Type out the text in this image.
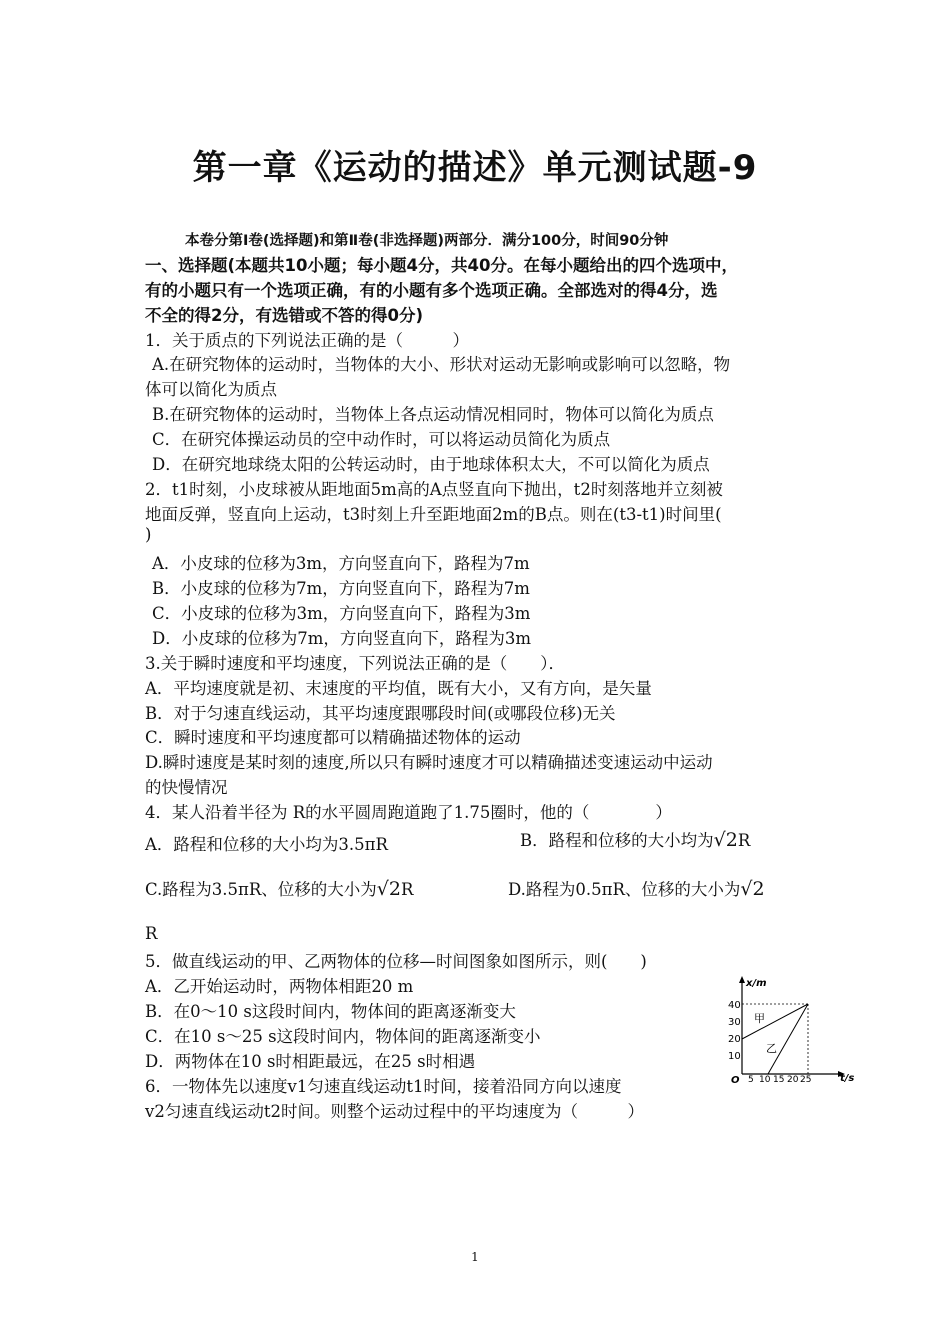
第一章《运动的描述》单元测试题-9
本卷分第Ⅰ卷(选择题)和第Ⅱ卷(非选择题)两部分．满分100分，时间90分钟
一、选择题(本题共10小题；每小题4分，共40分。在每小题给出的四个选项中，
有的小题只有一个选项正确，有的小题有多个选项正确。全部选对的得4分，选
不全的得2分，有选错或不答的得0分)
1．关于质点的下列说法正确的是（　　　）
A.在研究物体的运动时，当物体的大小、形状对运动无影响或影响可以忽略，物
体可以简化为质点
B.在研究物体的运动时，当物体上各点运动情况相同时，物体可以简化为质点
C．在研究体操运动员的空中动作时，可以将运动员简化为质点
D．在研究地球绕太阳的公转运动时，由于地球体积太大，不可以简化为质点
2．t1时刻，小皮球被从距地面5m高的A点竖直向下抛出，t2时刻落地并立刻被
地面反弹，竖直向上运动，t3时刻上升至距地面2m的B点。则在(t3-t1)时间里(
)
A．小皮球的位移为3m，方向竖直向下，路程为7m
B．小皮球的位移为7m，方向竖直向下，路程为7m
C．小皮球的位移为3m，方向竖直向下，路程为3m
D．小皮球的位移为7m，方向竖直向下，路程为3m
3.关于瞬时速度和平均速度，下列说法正确的是（　　）．
A．平均速度就是初、末速度的平均值，既有大小，又有方向，是矢量
B．对于匀速直线运动，其平均速度跟哪段时间(或哪段位移)无关
C．瞬时速度和平均速度都可以精确描述物体的运动
D.瞬时速度是某时刻的速度,所以只有瞬时速度才可以精确描述变速运动中运动
的快慢情况
4．某人沿着半径为 R的水平圆周跑道跑了1.75圈时，他的（　　　　）
A．路程和位移的大小均为3.5πR	B．路程和位移的大小均为√2R
C.路程为3.5πR、位移的大小为√2R	D.路程为0.5πR、位移的大小为√2
R
5．做直线运动的甲、乙两物体的位移—时间图象如图所示，则(　　)
A．乙开始运动时，两物体相距20 m
B．在0～10 s这段时间内，物体间的距离逐渐变大
C．在10 s～25 s这段时间内，物体间的距离逐渐变小
D．两物体在10 s时相距最远，在25 s时相遇
6．一物体先以速度v1匀速直线运动t1时间，接着沿同方向以速度
v2匀速直线运动t2时间。则整个运动过程中的平均速度为（　　　）
x/m
t/s
O
40
30
20
10
5 10 15 20 25
甲
乙
1
